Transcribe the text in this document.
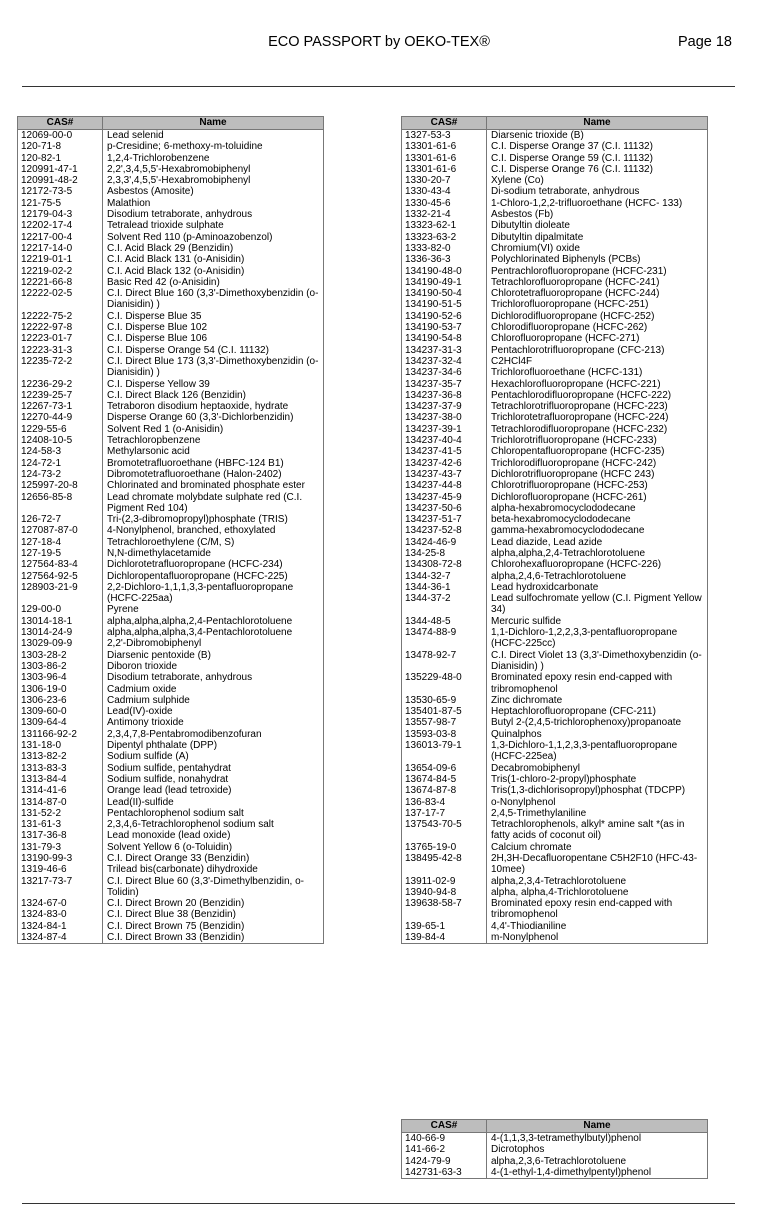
ECO PASSPORT by OEKO-TEX®	Page 18
CAS#	Name
12069-00-0	Lead selenid
120-71-8	p-Cresidine; 6-methoxy-m-toluidine
120-82-1	1,2,4-Trichlorobenzene
120991-47-1	2,2',3,4,5,5'-Hexabromobiphenyl
120991-48-2	2,3,3',4,5,5'-Hexabromobiphenyl
12172-73-5	Asbestos (Amosite)
121-75-5	Malathion
12179-04-3	Disodium tetraborate, anhydrous
12202-17-4	Tetralead trioxide sulphate
12217-00-4	Solvent Red 110 (p-Aminoazobenzol)
12217-14-0	C.I. Acid Black 29 (Benzidin)
12219-01-1	C.I. Acid Black 131 (o-Anisidin)
12219-02-2	C.I. Acid Black 132 (o-Anisidin)
12221-66-8	Basic Red 42 (o-Anisidin)
12222-02-5	C.I. Direct Blue 160 (3,3'-Dimethoxybenzidin (o-Dianisidin) )
12222-75-2	C.I. Disperse Blue 35
12222-97-8	C.I. Disperse Blue 102
12223-01-7	C.I. Disperse Blue 106
12223-31-3	C.I. Disperse Orange 54 (C.I. 11132)
12235-72-2	C.I. Direct Blue 173 (3,3'-Dimethoxybenzidin (o-Dianisidin) )
12236-29-2	C.I. Disperse Yellow 39
12239-25-7	C.I. Direct Black 126 (Benzidin)
12267-73-1	Tetraboron disodium heptaoxide, hydrate
12270-44-9	Disperse Orange 60 (3,3'-Dichlorbenzidin)
1229-55-6	Solvent Red 1 (o-Anisidin)
12408-10-5	Tetrachloropbenzene
124-58-3	Methylarsonic acid
124-72-1	Bromotetrafluoroethane (HBFC-124 B1)
124-73-2	Dibromotetrafluoroethane (Halon-2402)
125997-20-8	Chlorinated and brominated phosphate ester
12656-85-8	Lead chromate molybdate sulphate red (C.I. Pigment Red 104)
126-72-7	Tri-(2,3-dibromopropyl)phosphate (TRIS)
127087-87-0	4-Nonylphenol, branched, ethoxylated
127-18-4	Tetrachloroethylene (C/M, S)
127-19-5	N,N-dimethylacetamide
127564-83-4	Dichlorotetrafluoropropane (HCFC-234)
127564-92-5	Dichloropentafluoropropane (HCFC-225)
128903-21-9	2,2-Dichloro-1,1,1,3,3-pentafluoropropane (HCFC-225aa)
129-00-0	Pyrene
13014-18-1	alpha,alpha,alpha,2,4-Pentachlorotoluene
13014-24-9	alpha,alpha,alpha,3,4-Pentachlorotoluene
13029-09-9	2,2'-Dibromobiphenyl
1303-28-2	Diarsenic pentoxide (B)
1303-86-2	Diboron trioxide
1303-96-4	Disodium tetraborate, anhydrous
1306-19-0	Cadmium oxide
1306-23-6	Cadmium sulphide
1309-60-0	Lead(IV)-oxide
1309-64-4	Antimony trioxide
131166-92-2	2,3,4,7,8-Pentabromodibenzofuran
131-18-0	Dipentyl phthalate (DPP)
1313-82-2	Sodium sulfide (A)
1313-83-3	Sodium sulfide, pentahydrat
1313-84-4	Sodium sulfide, nonahydrat
1314-41-6	Orange lead (lead tetroxide)
1314-87-0	Lead(II)-sulfide
131-52-2	Pentachlorophenol sodium salt
131-61-3	2,3,4,6-Tetrachlorophenol sodium salt
1317-36-8	Lead monoxide (lead oxide)
131-79-3	Solvent Yellow 6 (o-Toluidin)
13190-99-3	C.I. Direct Orange 33 (Benzidin)
1319-46-6	Trilead bis(carbonate) dihydroxide
13217-73-7	C.I. Direct Blue 60 (3,3'-Dimethylbenzidin, o-Tolidin)
1324-67-0	C.I. Direct Brown 20 (Benzidin)
1324-83-0	C.I. Direct Blue 38 (Benzidin)
1324-84-1	C.I. Direct Brown 75 (Benzidin)
1324-87-4	C.I. Direct Brown 33 (Benzidin)
CAS#	Name
1327-53-3	Diarsenic trioxide (B)
13301-61-6	C.I. Disperse Orange 37 (C.I. 11132)
13301-61-6	C.I. Disperse Orange 59 (C.I. 11132)
13301-61-6	C.I. Disperse Orange 76 (C.I. 11132)
1330-20-7	Xylene (Co)
1330-43-4	Di-sodium tetraborate, anhydrous
1330-45-6	1-Chloro-1,2,2-trifluoroethane (HCFC- 133)
1332-21-4	Asbestos (Fb)
13323-62-1	Dibutyltin dioleate
13323-63-2	Dibutyltin dipalmitate
1333-82-0	Chromium(VI) oxide
1336-36-3	Polychlorinated Biphenyls (PCBs)
134190-48-0	Pentrachlorofluoropropane (HCFC-231)
134190-49-1	Tetrachlorofluoropropane (HCFC-241)
134190-50-4	Chlorotetrafluoropropane (HCFC-244)
134190-51-5	Trichlorofluoropropane (HCFC-251)
134190-52-6	Dichlorodifluoropropane (HCFC-252)
134190-53-7	Chlorodifluoropropane (HCFC-262)
134190-54-8	Chlorofluoropropane (HCFC-271)
134237-31-3	Pentachlorotrifluoropropane (CFC-213)
134237-32-4	C2HCl4F
134237-34-6	Trichlorofluoroethane (HCFC-131)
134237-35-7	Hexachlorofluoropropane (HCFC-221)
134237-36-8	Pentachlorodifluoropropane (HCFC-222)
134237-37-9	Tetrachlorotrifluoropropane (HCFC-223)
134237-38-0	Trichlorotetrafluoropropane (HCFC-224)
134237-39-1	Tetrachlorodifluoropropane (HCFC-232)
134237-40-4	Trichlorotrifluoropropane (HCFC-233)
134237-41-5	Chloropentafluoropropane (HCFC-235)
134237-42-6	Trichlorodifluoropropane (HCFC-242)
134237-43-7	Dichlorotrifluoropropane (HCFC 243)
134237-44-8	Chlorotrifluoropropane (HCFC-253)
134237-45-9	Dichlorofluoropropane (HCFC-261)
134237-50-6	alpha-hexabromocyclododecane
134237-51-7	beta-hexabromocyclododecane
134237-52-8	gamma-hexabromocyclododecane
13424-46-9	Lead diazide, Lead azide
134-25-8	alpha,alpha,2,4-Tetrachlorotoluene
134308-72-8	Chlorohexafluoropropane (HCFC-226)
1344-32-7	alpha,2,4,6-Tetrachlorotoluene
1344-36-1	Lead hydroxidcarbonate
1344-37-2	Lead sulfochromate yellow (C.I. Pigment Yellow 34)
1344-48-5	Mercuric sulfide
13474-88-9	1,1-Dichloro-1,2,2,3,3-pentafluoropropane (HCFC-225cc)
13478-92-7	C.I. Direct Violet 13 (3,3'-Dimethoxybenzidin (o-Dianisidin) )
135229-48-0	Brominated epoxy resin end-capped with tribromophenol
13530-65-9	Zinc dichromate
135401-87-5	Heptachlorofluoropropane (CFC-211)
13557-98-7	Butyl 2-(2,4,5-trichlorophenoxy)propanoate
13593-03-8	Quinalphos
136013-79-1	1,3-Dichloro-1,1,2,3,3-pentafluoropropane (HCFC-225ea)
13654-09-6	Decabromobiphenyl
13674-84-5	Tris(1-chloro-2-propyl)phosphate
13674-87-8	Tris(1,3-dichlorisopropyl)phosphat (TDCPP)
136-83-4	o-Nonylphenol
137-17-7	2,4,5-Trimethylaniline
137543-70-5	Tetrachlorophenols, alkyl* amine salt *(as in fatty acids of coconut oil)
13765-19-0	Calcium chromate
138495-42-8	2H,3H-Decafluoropentane C5H2F10 (HFC-43-10mee)
13911-02-9	alpha,2,3,4-Tetrachlorotoluene
13940-94-8	alpha, alpha,4-Trichlorotoluene
139638-58-7	Brominated epoxy resin end-capped with tribromophenol
139-65-1	4,4'-Thiodianiline
139-84-4	m-Nonylphenol
CAS#	Name
140-66-9	4-(1,1,3,3-tetramethylbutyl)phenol
141-66-2	Dicrotophos
1424-79-9	alpha,2,3,6-Tetrachlorotoluene
142731-63-3	4-(1-ethyl-1,4-dimethylpentyl)phenol
